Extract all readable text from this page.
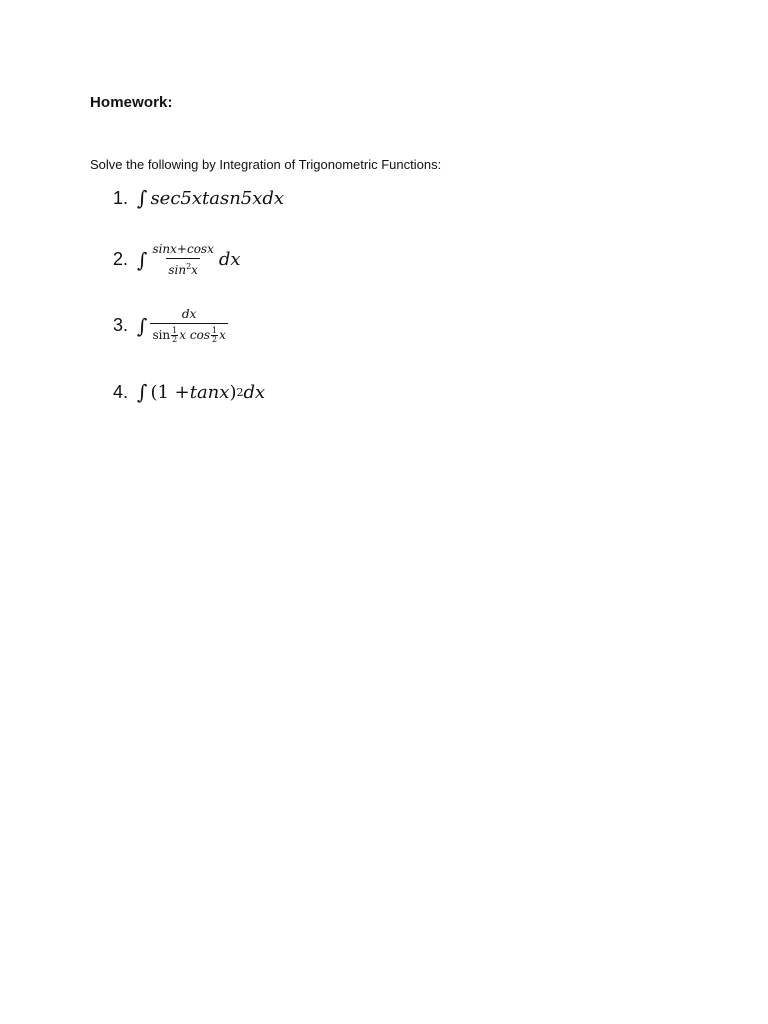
Homework:
Solve the following by Integration of Trigonometric Functions:
1. ∫ sec5xtasn5xdx
2. ∫ $\frac{\sin x+\cos x}{\sin^2x}$ dx
3. ∫ $\frac{dx}{\sin \frac{1}{2} x \cos \frac{1}{2} x}$
4. ∫ (1 + tanx ) 2 dx
